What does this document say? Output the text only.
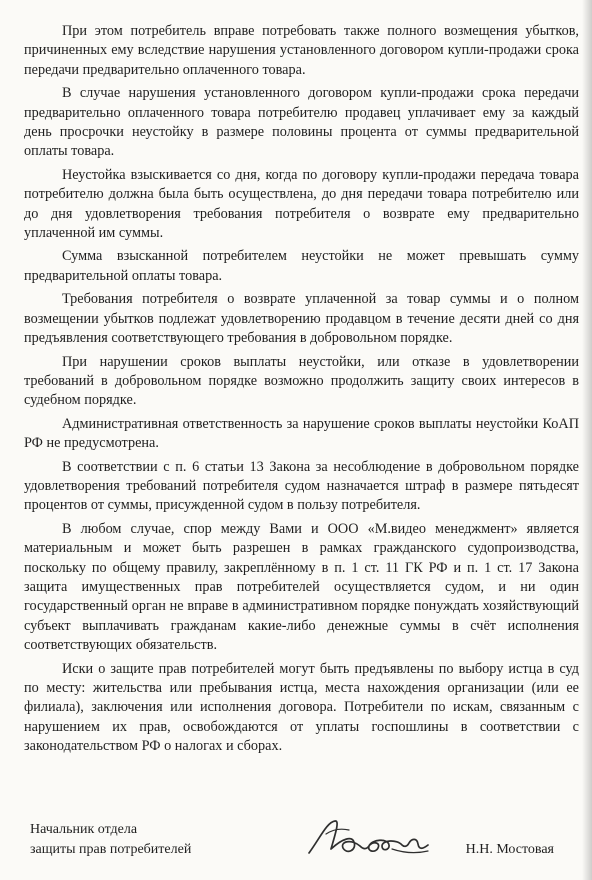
При этом потребитель вправе потребовать также полного возмещения убытков, причиненных ему вследствие нарушения установленного договором купли-продажи срока передачи предварительно оплаченного товара.

В случае нарушения установленного договором купли-продажи срока передачи предварительно оплаченного товара потребителю продавец уплачивает ему за каждый день просрочки неустойку в размере половины процента от суммы предварительной оплаты товара.

Неустойка взыскивается со дня, когда по договору купли-продажи передача товара потребителю должна была быть осуществлена, до дня передачи товара потребителю или до дня удовлетворения требования потребителя о возврате ему предварительно уплаченной им суммы.

Сумма взысканной потребителем неустойки не может превышать сумму предварительной оплаты товара.

Требования потребителя о возврате уплаченной за товар суммы и о полном возмещении убытков подлежат удовлетворению продавцом в течение десяти дней со дня предъявления соответствующего требования в добровольном порядке.

При нарушении сроков выплаты неустойки, или отказе в удовлетворении требований в добровольном порядке возможно продолжить защиту своих интересов в судебном порядке.

Административная ответственность за нарушение сроков выплаты неустойки КоАП РФ не предусмотрена.

В соответствии с п. 6 статьи 13 Закона за несоблюдение в добровольном порядке удовлетворения требований потребителя судом назначается штраф в размере пятьдесят процентов от суммы, присужденной судом в пользу потребителя.

В любом случае, спор между Вами и ООО «М.видео менеджмент» является материальным и может быть разрешен в рамках гражданского судопроизводства, поскольку по общему правилу, закреплённому в п. 1 ст. 11 ГК РФ и п. 1 ст. 17 Закона защита имущественных прав потребителей осуществляется судом, и ни один государственный орган не вправе в административном порядке понуждать хозяйствующий субъект выплачивать гражданам какие-либо денежные суммы в счёт исполнения соответствующих обязательств.

Иски о защите прав потребителей могут быть предъявлены по выбору истца в суд по месту: жительства или пребывания истца, места нахождения организации (или ее филиала), заключения или исполнения договора. Потребители по искам, связанным с нарушением их прав, освобождаются от уплаты госпошлины в соответствии с законодательством РФ о налогах и сборах.

Начальник отдела
защиты прав потребителей	Н.Н. Мостовая
